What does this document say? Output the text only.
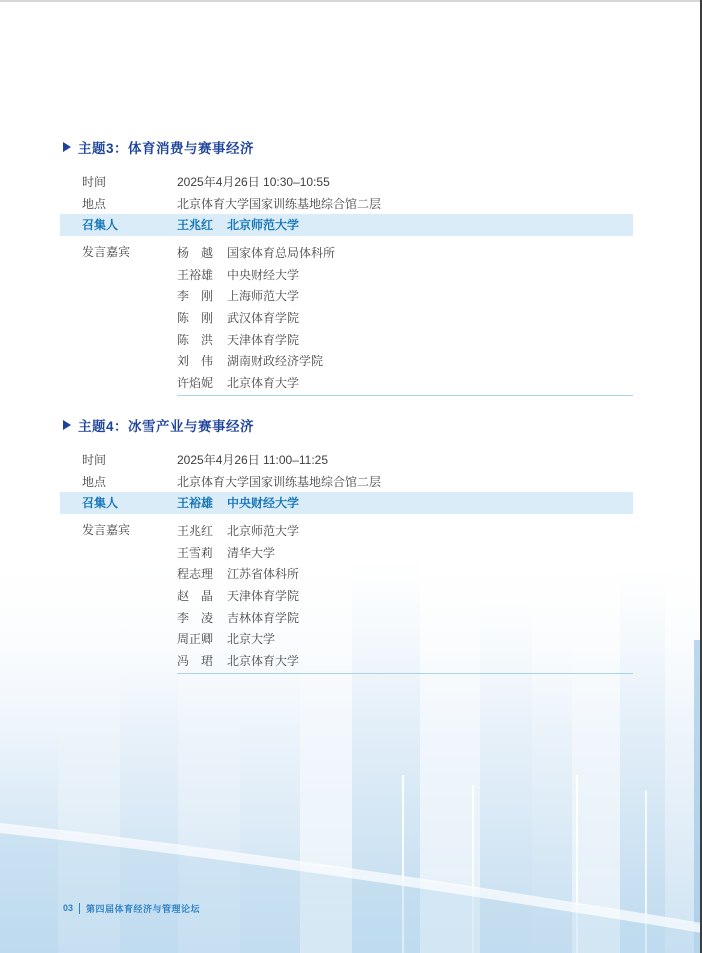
主题3：体育消费与赛事经济
时间	2025年4月26日 10:30–10:55
地点	北京体育大学国家训练基地综合馆二层
召集人	王兆红	北京师范大学
发言嘉宾	杨　越	国家体育总局体科所
王裕雄	中央财经大学
李　刚	上海师范大学
陈　刚	武汉体育学院
陈　洪	天津体育学院
刘　伟	湖南财政经济学院
许焰妮	北京体育大学
主题4：冰雪产业与赛事经济
时间	2025年4月26日 11:00–11:25
地点	北京体育大学国家训练基地综合馆二层
召集人	王裕雄	中央财经大学
发言嘉宾	王兆红	北京师范大学
王雪莉	清华大学
程志理	江苏省体科所
赵　晶	天津体育学院
李　凌	吉林体育学院
周正卿	北京大学
冯　珺	北京体育大学
03 第四届体育经济与管理论坛
